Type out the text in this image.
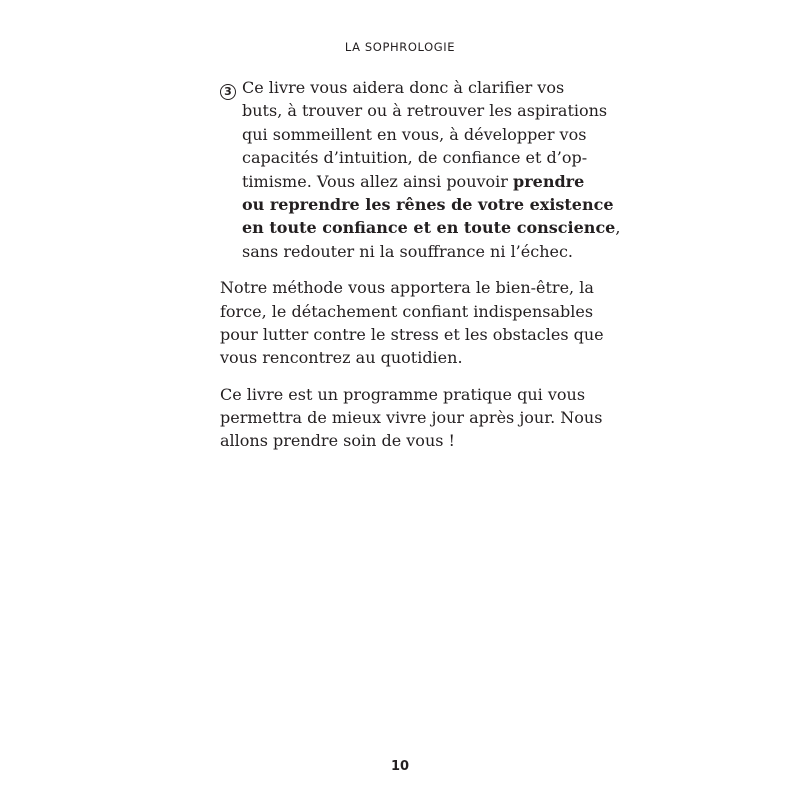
LA SOPHROLOGIE
3 Ce livre vous aidera donc à clarifier vos
buts, à trouver ou à retrouver les aspirations
qui sommeillent en vous, à développer vos
capacités d’intuition, de confiance et d’op-
timisme. Vous allez ainsi pouvoir prendre
ou reprendre les rênes de votre existence
en toute confiance et en toute conscience,
sans redouter ni la souffrance ni l’échec.
Notre méthode vous apportera le bien-être, la
force, le détachement confiant indispensables
pour lutter contre le stress et les obstacles que
vous rencontrez au quotidien.
Ce livre est un programme pratique qui vous
permettra de mieux vivre jour après jour. Nous
allons prendre soin de vous !
10
